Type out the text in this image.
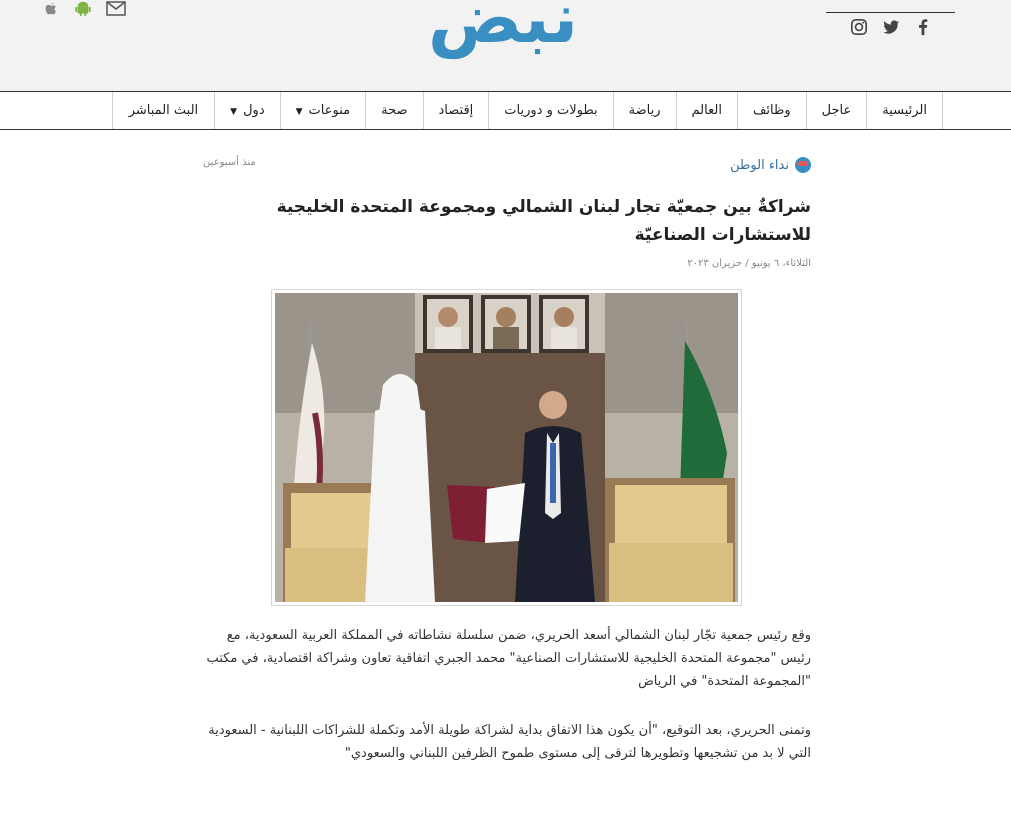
نبض
الرئيسية
عاجل
وظائف
العالم
رياضة
بطولات و دوريات
إقتصاد
صحة
منوعات▼
دول▼
البث المباشر
نداء الوطن
منذ أسبوعين
شراكةٌ بين جمعيّة تجار لبنان الشمالي ومجموعة المتحدة الخليجية للاستشارات الصناعيّة
الثلاثاء، ٦ يونيو / حزيران ٢٠٢٣

وقع رئيس جمعية تجّار لبنان الشمالي أسعد الحريري، ضمن سلسلة نشاطاته في المملكة العربية السعودية، مع رئيس "مجموعة المتحدة الخليجية للاستشارات الصناعية" محمد الجبري اتفاقية تعاون وشراكة اقتصادية، في مكتب "المجموعة المتحدة" في الرياض

وتمنى الحريري، بعد التوقيع، "أن يكون هذا الاتفاق بداية لشراكة طويلة الأمد وتكملة للشراكات اللبنانية - السعودية التي لا بد من تشجيعها وتطويرها لترقى إلى مستوى طموح الظرفين اللبناني والسعودي"
